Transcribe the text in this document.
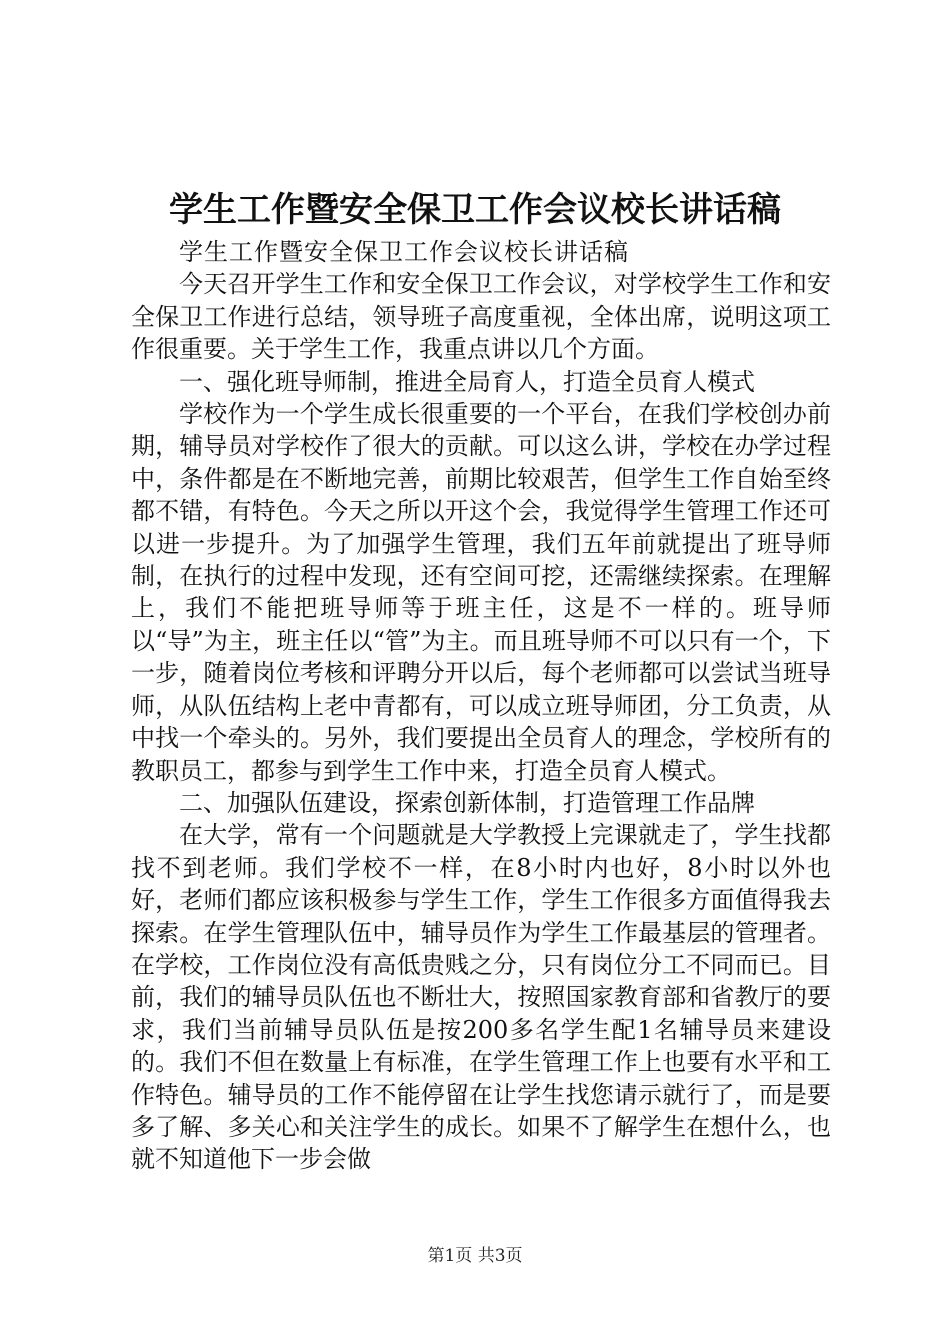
学生工作暨安全保卫工作会议校长讲话稿
学生工作暨安全保卫工作会议校长讲话稿

今天召开学生工作和安全保卫工作会议，对学校学生工作和安全保卫工作进行总结，领导班子高度重视，全体出席，说明这项工作很重要。关于学生工作，我重点讲以几个方面。

一、强化班导师制，推进全局育人，打造全员育人模式

学校作为一个学生成长很重要的一个平台，在我们学校创办前期，辅导员对学校作了很大的贡献。可以这么讲，学校在办学过程中，条件都是在不断地完善，前期比较艰苦，但学生工作自始至终都不错，有特色。今天之所以开这个会，我觉得学生管理工作还可以进一步提升。为了加强学生管理，我们五年前就提出了班导师制，在执行的过程中发现，还有空间可挖，还需继续探索。在理解上，我们不能把班导师等于班主任，这是不一样的。班导师以“导”为主，班主任以“管”为主。而且班导师不可以只有一个，下一步，随着岗位考核和评聘分开以后，每个老师都可以尝试当班导师，从队伍结构上老中青都有，可以成立班导师团，分工负责，从中找一个牵头的。另外，我们要提出全员育人的理念，学校所有的教职员工，都参与到学生工作中来，打造全员育人模式。

二、加强队伍建设，探索创新体制，打造管理工作品牌

在大学，常有一个问题就是大学教授上完课就走了，学生找都找不到老师。我们学校不一样，在8小时内也好，8小时以外也好，老师们都应该积极参与学生工作，学生工作很多方面值得我去探索。在学生管理队伍中，辅导员作为学生工作最基层的管理者。在学校，工作岗位没有高低贵贱之分，只有岗位分工不同而已。目前，我们的辅导员队伍也不断壮大，按照国家教育部和省教厅的要求，我们当前辅导员队伍是按200多名学生配1名辅导员来建设的。我们不但在数量上有标准，在学生管理工作上也要有水平和工作特色。辅导员的工作不能停留在让学生找您请示就行了，而是要多了解、多关心和关注学生的成长。如果不了解学生在想什么，也就不知道他下一步会做

第1页 共3页
